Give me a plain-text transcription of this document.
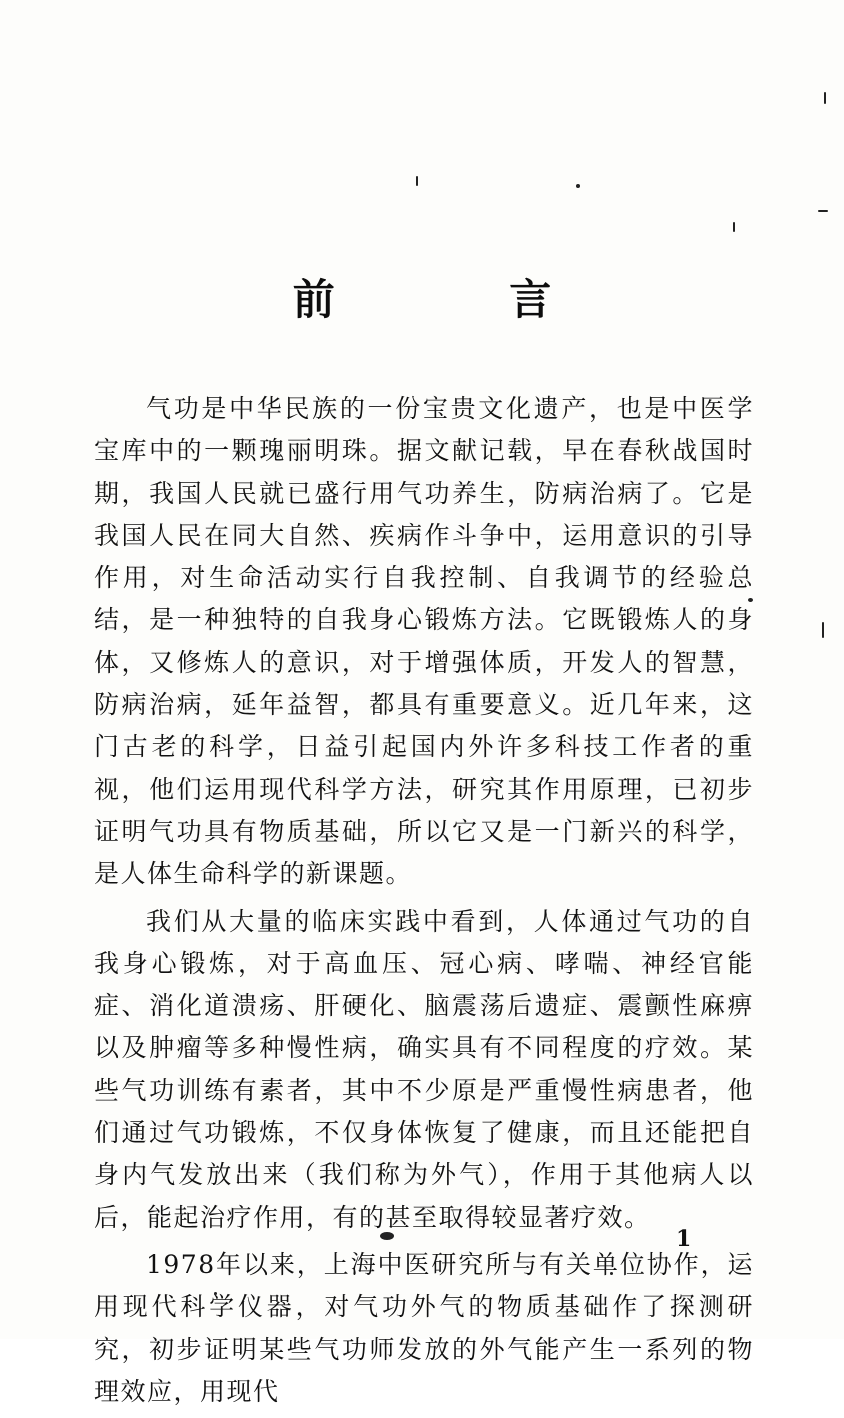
前 言

气功是中华民族的一份宝贵文化遗产，也是中医学宝库中的一颗瑰丽明珠。据文献记载，早在春秋战国时期，我国人民就已盛行用气功养生，防病治病了。它是我国人民在同大自然、疾病作斗争中，运用意识的引导作用，对生命活动实行自我控制、自我调节的经验总结，是一种独特的自我身心锻炼方法。它既锻炼人的身体，又修炼人的意识，对于增强体质，开发人的智慧，防病治病，延年益智，都具有重要意义。近几年来，这门古老的科学，日益引起国内外许多科技工作者的重视，他们运用现代科学方法，研究其作用原理，已初步证明气功具有物质基础，所以它又是一门新兴的科学，是人体生命科学的新课题。

我们从大量的临床实践中看到，人体通过气功的自我身心锻炼，对于高血压、冠心病、哮喘、神经官能症、消化道溃疡、肝硬化、脑震荡后遗症、震颤性麻痹以及肿瘤等多种慢性病，确实具有不同程度的疗效。某些气功训练有素者，其中不少原是严重慢性病患者，他们通过气功锻炼，不仅身体恢复了健康，而且还能把自身内气发放出来（我们称为外气），作用于其他病人以后，能起治疗作用，有的甚至取得较显著疗效。

1978年以来，上海中医研究所与有关单位协作，运用现代科学仪器，对气功外气的物质基础作了探测研究，初步证明某些气功师发放的外气能产生一系列的物理效应，用现代

1
